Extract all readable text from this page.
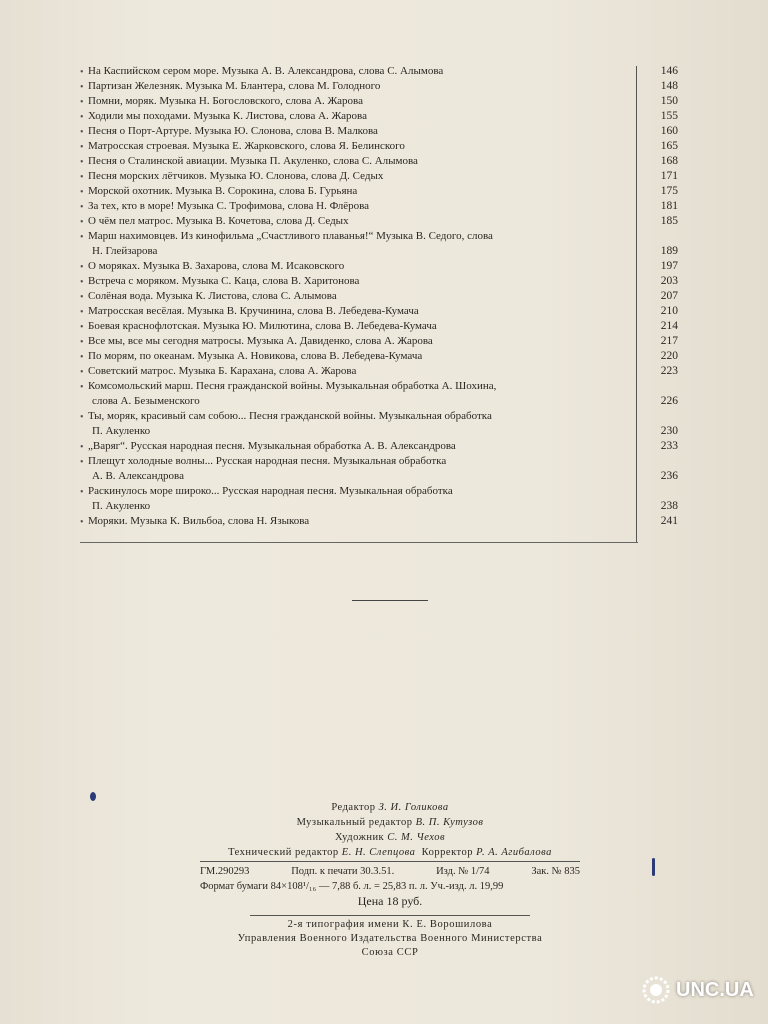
• На Каспийском сером море. Музыка А. В. Александрова, слова С. Алымова	146
• Партизан Железняк. Музыка М. Блантера, слова М. Голодного	148
• Помни, моряк. Музыка Н. Богословского, слова А. Жарова	150
• Ходили мы походами. Музыка К. Листова, слова А. Жарова	155
• Песня о Порт-Артуре. Музыка Ю. Слонова, слова В. Малкова	160
• Матросская строевая. Музыка Е. Жарковского, слова Я. Белинского	165
• Песня о Сталинской авиации. Музыка П. Акуленко, слова С. Алымова	168
• Песня морских лётчиков. Музыка Ю. Слонова, слова Д. Седых	171
• Морской охотник. Музыка В. Сорокина, слова Б. Гурьяна	175
• За тех, кто в море! Музыка С. Трофимова, слова Н. Флёрова	181
• О чём пел матрос. Музыка В. Кочетова, слова Д. Седых	185
• Марш нахимовцев. Из кинофильма „Счастливого плаванья!“ Музыка В. Седого, слова
Н. Глейзарова	189
• О моряках. Музыка В. Захарова, слова М. Исаковского	197
• Встреча с моряком. Музыка С. Каца, слова В. Харитонова	203
• Солёная вода. Музыка К. Листова, слова С. Алымова	207
• Матросская весёлая. Музыка В. Кручинина, слова В. Лебедева-Кумача	210
• Боевая краснофлотская. Музыка Ю. Милютина, слова В. Лебедева-Кумача	214
• Все мы, все мы сегодня матросы. Музыка А. Давиденко, слова А. Жарова	217
• По морям, по океанам. Музыка А. Новикова, слова В. Лебедева-Кумача	220
• Советский матрос. Музыка Б. Карахана, слова А. Жарова	223
• Комсомольский марш. Песня гражданской войны. Музыкальная обработка А. Шохина,
слова А. Безыменского	226
• Ты, моряк, красивый сам собою... Песня гражданской войны. Музыкальная обработка
П. Акуленко	230
• „Варяг“. Русская народная песня. Музыкальная обработка А. В. Александрова	233
• Плещут холодные волны... Русская народная песня. Музыкальная обработка
А. В. Александрова	236
• Раскинулось море широко... Русская народная песня. Музыкальная обработка
П. Акуленко	238
• Моряки. Музыка К. Вильбоа, слова Н. Языкова	241
Редактор З. И. Голикова
Музыкальный редактор В. П. Кутузов
Художник С. М. Чехов
Технический редактор Е. Н. Слепцова Корректор Р. А. Агибалова
ГМ.290293	Подп. к печати 30.3.51.	Изд. № 1/74	Зак. № 835
Формат бумаги 84×108¹/₁₆ — 7,88 б. л. = 25,83 п. л. Уч.-изд. л. 19,99
Цена 18 руб.
2-я типография имени К. Е. Ворошилова
Управления Военного Издательства Военного Министерства
Союза ССР
UNC.UA
